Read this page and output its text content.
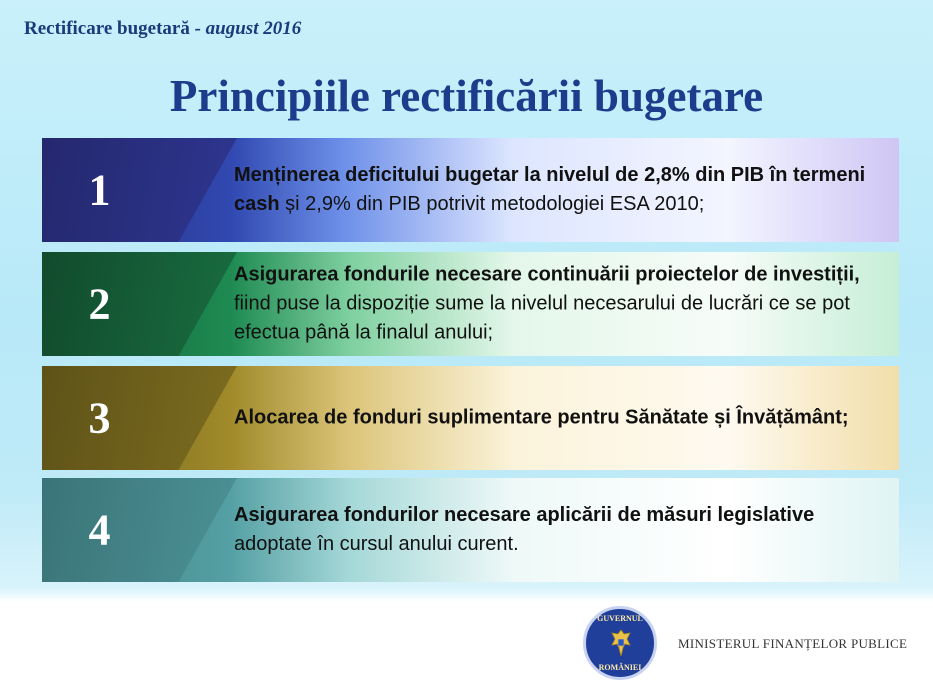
Rectificare bugetară - august 2016
Principiile rectificării bugetare
1	Menținerea deficitului bugetar la nivelul de 2,8% din PIB în termeni cash și 2,9% din PIB potrivit metodologiei ESA 2010;
2
Asigurarea fondurile necesare continuării proiectelor de investiții, fiind puse la dispoziție sume la nivelul necesarului de lucrări ce se pot efectua până la finalul anului;
3	Alocarea de fonduri suplimentare pentru Sănătate și Învățământ;
4	Asigurarea fondurilor necesare aplicării de măsuri legislative adoptate în cursul anului curent.
GUVERNUL
ROMÂNIEI
MINISTERUL FINANȚELOR PUBLICE
